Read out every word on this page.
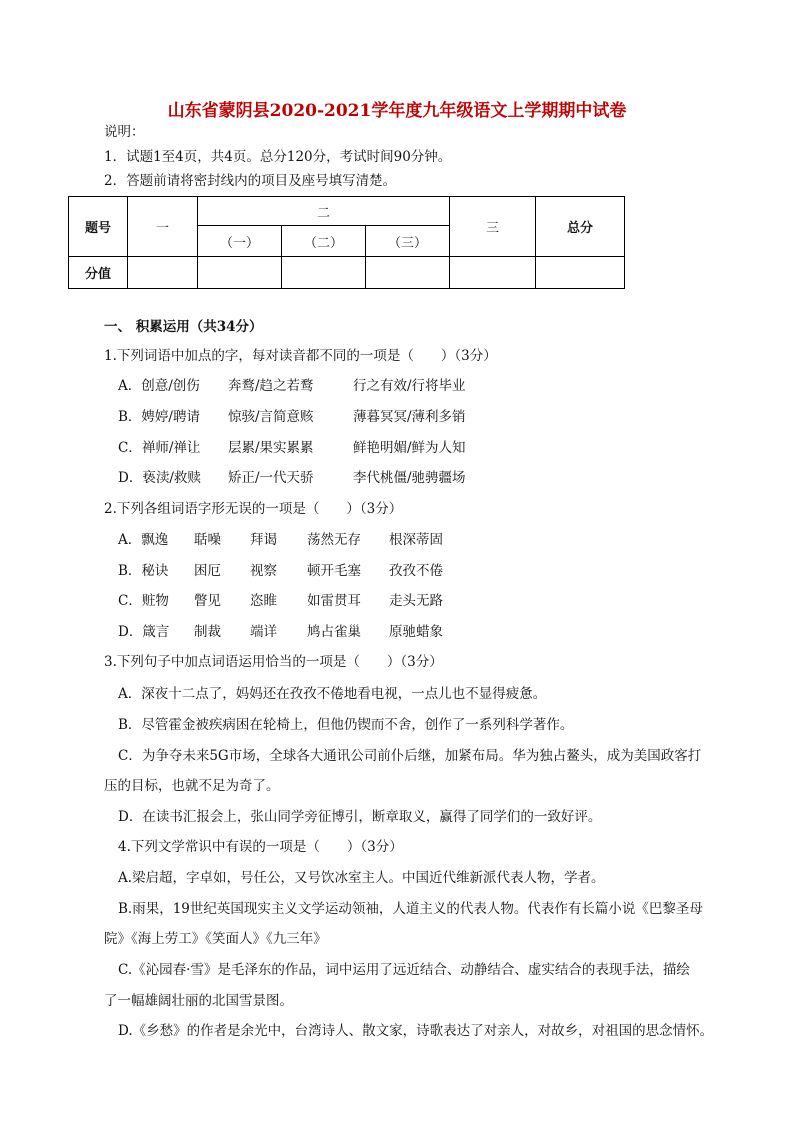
山东省蒙阴县2020-2021学年度九年级语文上学期期中试卷
说明：
1．试题1至4页，共4页。总分120分，考试时间90分钟。
2．答题前请将密封线内的项目及座号填写清楚。
题号	一	二			三	总分
		（一）	（二）	（三）		
分值						
一、 积累运用（共34分）
1.下列词语中加点的字，每对读音都不同的一项是（　　）（3分）
A．创意/创伤 奔鹜/趋之若鹜	行之有效/行将毕业
B．娉婷/聘请 惊骇/言简意赅	薄暮冥冥/薄利多销
C．禅师/禅让 层累/果实累累	鲜艳明媚/鲜为人知
D．亵渎/救赎 矫正/一代天骄	李代桃僵/驰骋疆场
2.下列各组词语字形无误的一项是（　　）（3分）
A．飘逸 聒噪 拜谒 荡然无存 根深蒂固
B．秘诀 困厄 视察 顿开毛塞 孜孜不倦
C．赃物 瞥见 恣睢 如雷贯耳 走头无路
D．箴言 制裁 端详 鸠占雀巢 原驰蜡象
3.下列句子中加点词语运用恰当的一项是（　　）（3分）
A．深夜十二点了，妈妈还在孜孜不倦地看电视，一点儿也不显得疲惫。
B．尽管霍金被疾病困在轮椅上，但他仍锲而不舍，创作了一系列科学著作。
C．为争夺未来5G市场，全球各大通讯公司前仆后继，加紧布局。华为独占鳌头，成为美国政客打
压的目标，也就不足为奇了。
D．在读书汇报会上，张山同学旁征博引，断章取义，赢得了同学们的一致好评。
4.下列文学常识中有误的一项是（　　）（3分）
A.梁启超，字卓如，号任公，又号饮冰室主人。中国近代维新派代表人物，学者。
B.雨果，19世纪英国现实主义文学运动领袖，人道主义的代表人物。代表作有长篇小说《巴黎圣母
院》《海上劳工》《笑面人》《九三年》
C.《沁园春·雪》是毛泽东的作品，词中运用了远近结合、动静结合、虚实结合的表现手法，描绘
了一幅雄阔壮丽的北国雪景图。
D.《乡愁》的作者是余光中，台湾诗人、散文家，诗歌表达了对亲人，对故乡，对祖国的思念情怀。
